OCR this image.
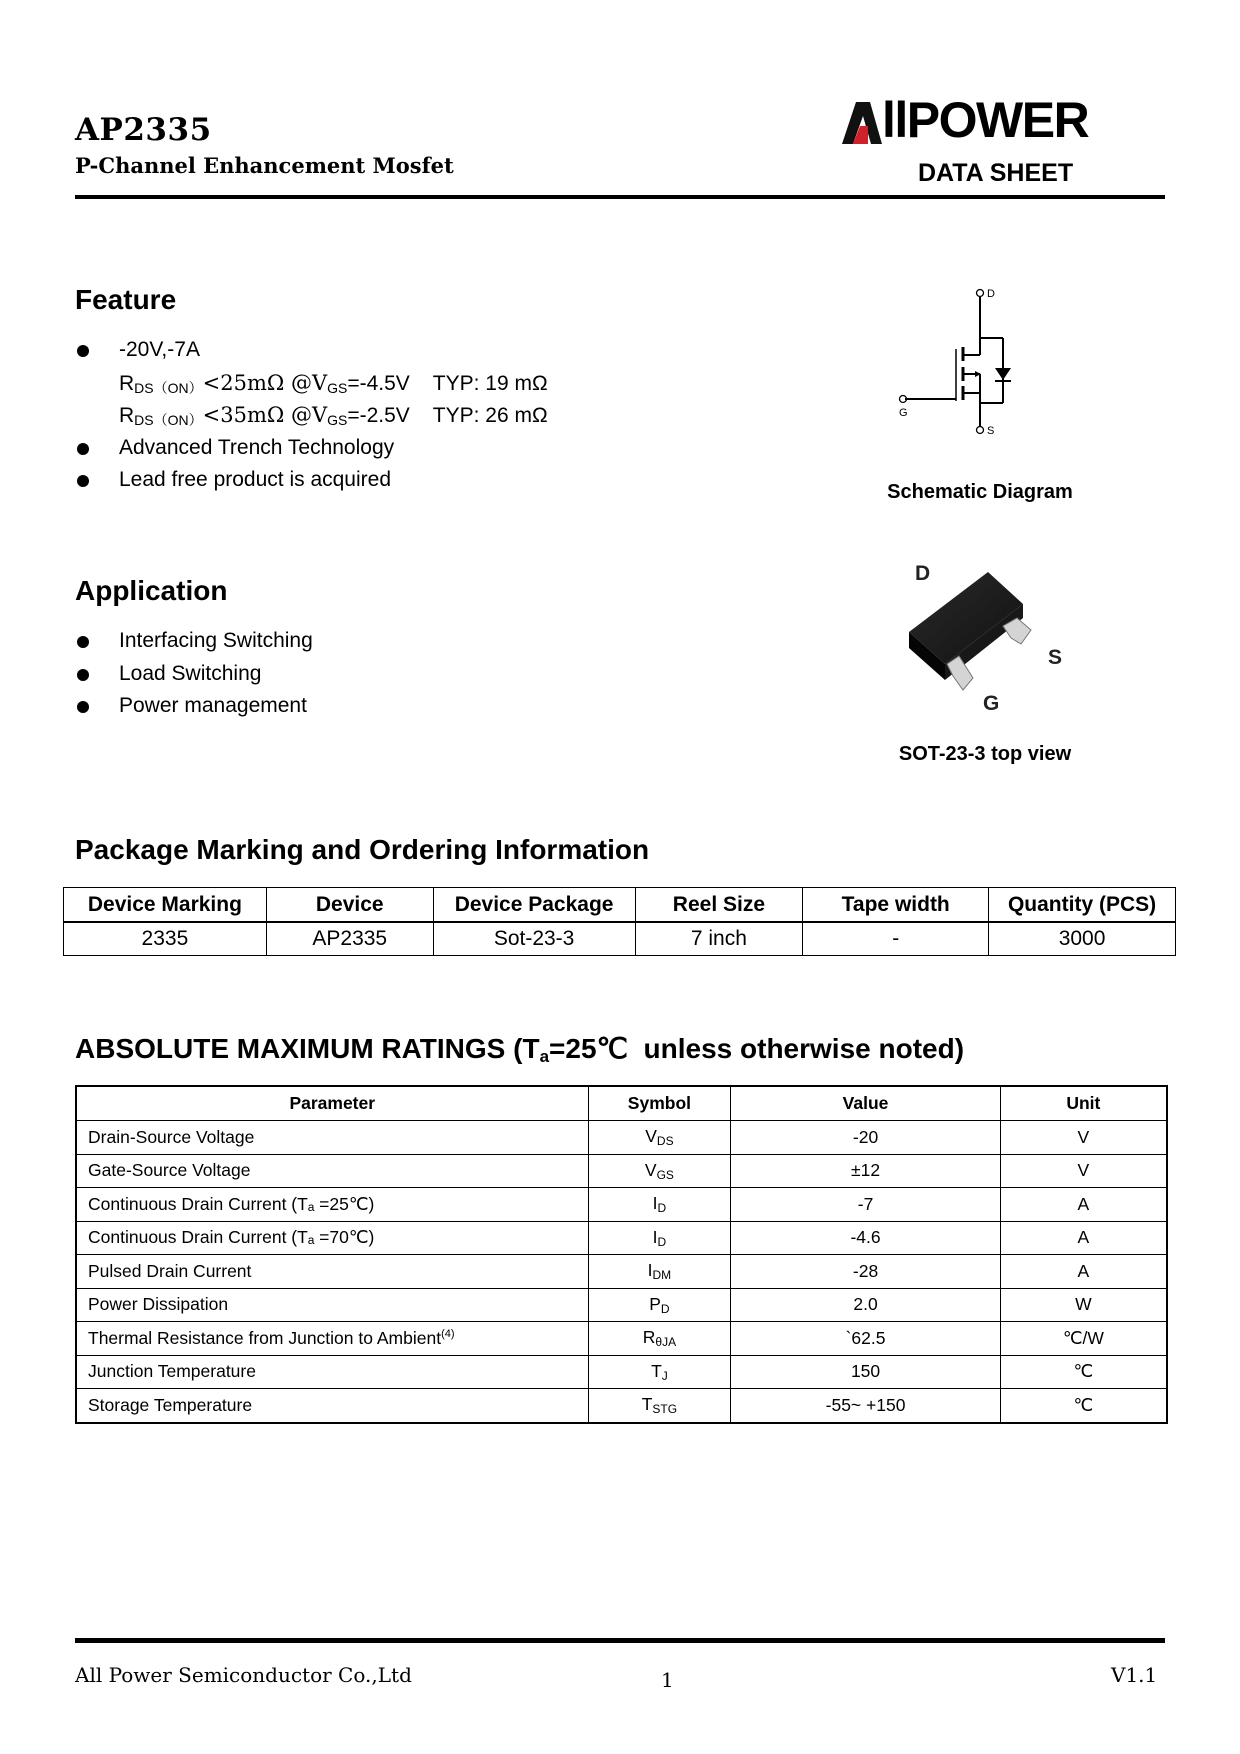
AP2335
P-Channel Enhancement Mosfet
llPOWER
DATA SHEET
Feature
-20V,-7A
$R_{DS(ON)}<25m\Omega$ $@V_{GS}=-4.5V$    TYP: 19 mΩ
$R_{DS(ON)}<35m\Omega$ $@V_{GS}=-2.5V$    TYP: 26 mΩ
Advanced Trench Technology
Lead free product is acquired
D
G
S
Schematic Diagram
Application
Interfacing Switching
Load Switching
Power management
D
S
G
SOT-23-3 top view
Package Marking and Ordering Information
Device Marking	Device	Device Package	Reel Size	Tape width	Quantity (PCS)
2335	AP2335	Sot-23-3	7 inch	-	3000
ABSOLUTE MAXIMUM RATINGS ($T_a=25℃$  unless otherwise noted)
Parameter	Symbol	Value	Unit
Drain-Source Voltage	$V_{DS}$	-20	V
Gate-Source Voltage	$V_{GS}$	±12	V
Continuous Drain Current (Tₐ =25℃)	$I_D$	-7	A
Continuous Drain Current (Tₐ =70℃)	$I_D$	-4.6	A
Pulsed Drain Current	$I_{DM}$	-28	A
Power Dissipation	$P_D$	2.0	W
Thermal Resistance from Junction to Ambient$^{(4)}$	$R_{\theta JA}$	`62.5	℃/W
Junction Temperature	$T_J$	150	℃
Storage Temperature	$T_{STG}$	-55~ +150	℃
All Power Semiconductor Co.,Ltd	1	V1.1
